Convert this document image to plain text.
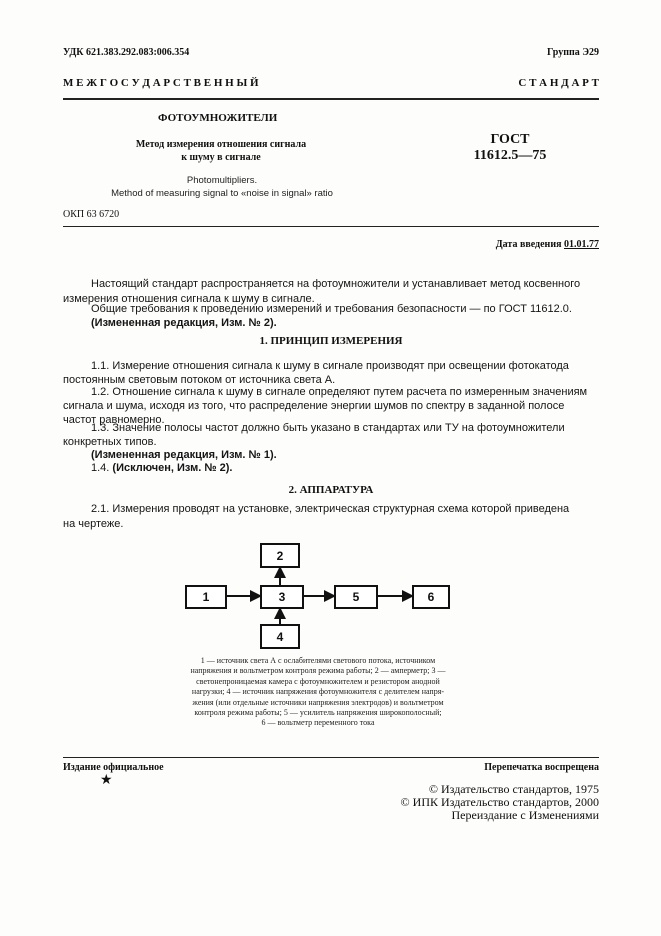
УДК 621.383.292.083:006.354	Группа Э29
М Е Ж Г О С У Д А Р С Т В Е Н Н Ы Й	С Т А Н Д А Р Т
ФОТОУМНОЖИТЕЛИ
Метод измерения отношения сигнала
к шуму в сигнале
ГОСТ
11612.5—75
Photomultipliers.
Method of measuring signal to «noise in signal» ratio
ОКП 63 6720
Дата введения 01.01.77
Настоящий стандарт распространяется на фотоумножители и устанавливает метод косвенного
измерения отношения сигнала к шуму в сигнале.
Общие требования к проведению измерений и требования безопасности — по ГОСТ 11612.0.
(Измененная редакция, Изм. № 2).
1. ПРИНЦИП ИЗМЕРЕНИЯ
1.1. Измерение отношения сигнала к шуму в сигнале производят при освещении фотокатода
постоянным световым потоком от источника света А.
1.2. Отношение сигнала к шуму в сигнале определяют путем расчета по измеренным значениям
сигнала и шума, исходя из того, что распределение энергии шумов по спектру в заданной полосе
частот равномерно.
1.3. Значение полосы частот должно быть указано в стандартах или ТУ на фотоумножители
конкретных типов.
(Измененная редакция, Изм. № 1).
1.4. (Исключен, Изм. № 2).
2. АППАРАТУРА
2.1. Измерения проводят на установке, электрическая структурная схема которой приведена
на чертеже.
2
1	3	5	6
4
1 — источник света А с ослабителями светового потока, источником
напряжения и вольтметром контроля режима работы; 2 — амперметр; 3 —
светонепроницаемая камера с фотоумножителем и резистором анодной
нагрузки; 4 — источник напряжения фотоумножителя с делителем напря-
жения (или отдельные источники напряжения электродов) и вольтметром
контроля режима работы; 5 — усилитель напряжения широкополосный;
6 — вольтметр переменного тока
Издание официальное	Перепечатка воспрещена
★
© Издательство стандартов, 1975
© ИПК Издательство стандартов, 2000
Переиздание с Изменениями
